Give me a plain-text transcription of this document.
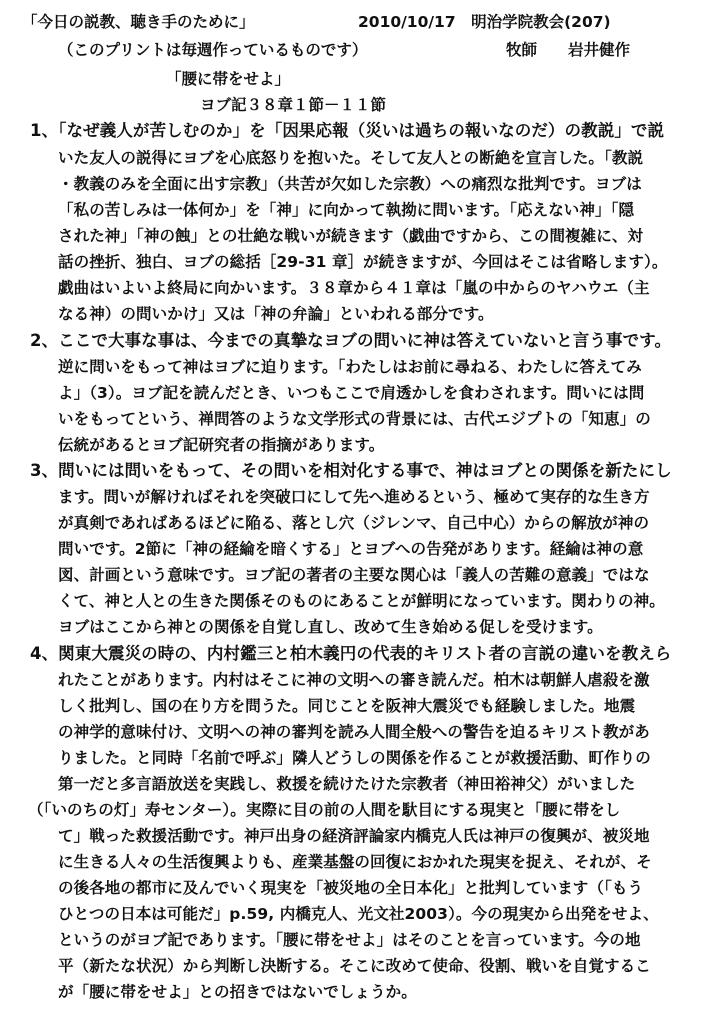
「今日の説教、聴き手のために」	2010/10/17　明治学院教会(207)
（このプリントは毎週作っているものです）	牧師　　岩井健作
「腰に帯をせよ」
ヨブ記３８章１節－１１節
1、「なぜ義人が苦しむのか」を「因果応報（災いは過ちの報いなのだ）の教説」で説
いた友人の説得にヨブを心底怒りを抱いた。そして友人との断絶を宣言した。「教説
・教義のみを全面に出す宗教」（共苦が欠如した宗教）への痛烈な批判です。ヨブは
「私の苦しみは一体何か」を「神」に向かって執拗に問います。「応えない神」「隠
された神」「神の蝕」との壮絶な戦いが続きます（戯曲ですから、この間複雑に、対
話の挫折、独白、ヨブの総括［29-31 章］が続きますが、今回はそこは省略します）。
戯曲はいよいよ終局に向かいます。３８章から４１章は「嵐の中からのヤハウエ（主
なる神）の問いかけ」又は「神の弁論」といわれる部分です。
2、ここで大事な事は、今までの真摯なヨブの問いに神は答えていないと言う事です。
逆に問いをもって神はヨブに迫ります。「わたしはお前に尋ねる、わたしに答えてみ
よ」（3）。ヨブ記を読んだとき、いつもここで肩透かしを食わされます。問いには問
いをもってという、禅問答のような文学形式の背景には、古代エジプトの「知恵」の
伝統があるとヨブ記研究者の指摘があります。
3、問いには問いをもって、その問いを相対化する事で、神はヨブとの関係を新たにし
ます。問いが解ければそれを突破口にして先へ進めるという、極めて実存的な生き方
が真剣であればあるほどに陥る、落とし穴（ジレンマ、自己中心）からの解放が神の
問いです。2節に「神の経綸を暗くする」とヨブへの告発があります。経綸は神の意
図、計画という意味です。ヨブ記の著者の主要な関心は「義人の苦難の意義」ではな
くて、神と人との生きた関係そのものにあることが鮮明になっています。関わりの神。
ヨブはここから神との関係を自覚し直し、改めて生き始める促しを受けます。
4、関東大震災の時の、内村鑑三と柏木義円の代表的キリスト者の言説の違いを教えら
れたことがあります。内村はそこに神の文明への審き読んだ。柏木は朝鮮人虐殺を激
しく批判し、国の在り方を問うた。同じことを阪神大震災でも経験しました。地震
の神学的意味付け、文明への神の審判を読み人間全般への警告を迫るキリスト教があ
りました。と同時「名前で呼ぶ」隣人どうしの関係を作ることが救援活動、町作りの
第一だと多言語放送を実践し、救援を続けたけた宗教者（神田裕神父）がいました
（「いのちの灯」寿センター）。実際に目の前の人間を馱目にする現実と「腰に帯をし
て」戦った救援活動です。神戸出身の経済評論家内橋克人氏は神戸の復興が、被災地
に生きる人々の生活復興よりも、産業基盤の回復におかれた現実を捉え、それが、そ
の後各地の都市に及んでいく現実を「被災地の全日本化」と批判しています（「もう
ひとつの日本は可能だ」p.59, 内橋克人、光文社2003）。今の現実から出発をせよ、
というのがヨブ記であります。「腰に帯をせよ」はそのことを言っています。今の地
平（新たな状況）から判断し決断する。そこに改めて使命、役割、戦いを自覚するこ
が「腰に帯をせよ」との招きではないでしょうか。
